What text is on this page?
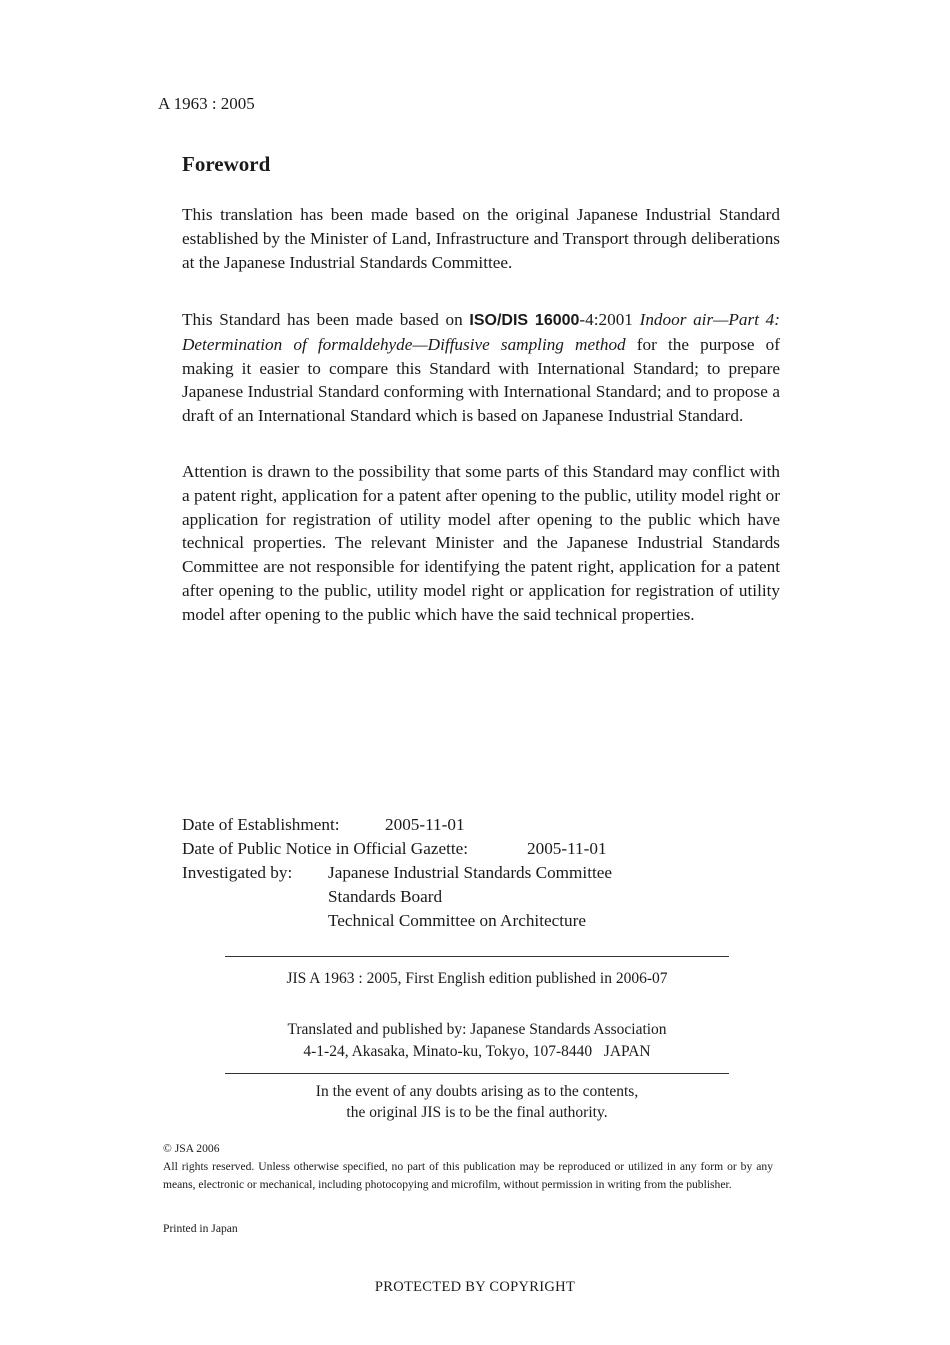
A 1963 : 2005
Foreword

This translation has been made based on the original Japanese Industrial Standard established by the Minister of Land, Infrastructure and Transport through deliberations at the Japanese Industrial Standards Committee.

This Standard has been made based on ISO/DIS 16000-4:2001 Indoor air—Part 4: Determination of formaldehyde—Diffusive sampling method for the purpose of making it easier to compare this Standard with International Standard; to prepare Japanese Industrial Standard conforming with International Standard; and to propose a draft of an International Standard which is based on Japanese Industrial Standard.

Attention is drawn to the possibility that some parts of this Standard may conflict with a patent right, application for a patent after opening to the public, utility model right or application for registration of utility model after opening to the public which have technical properties. The relevant Minister and the Japanese Industrial Standards Committee are not responsible for identifying the patent right, application for a patent after opening to the public, utility model right or application for registration of utility model after opening to the public which have the said technical properties.

Date of Establishment:	2005-11-01
Date of Public Notice in Official Gazette:	2005-11-01
Investigated by: Japanese Industrial Standards Committee
Standards Board
Technical Committee on Architecture

JIS A 1963 : 2005, First English edition published in 2006-07

Translated and published by: Japanese Standards Association

4-1-24, Akasaka, Minato-ku, Tokyo, 107-8440   JAPAN

In the event of any doubts arising as to the contents,

the original JIS is to be the final authority.

© JSA 2006

All rights reserved. Unless otherwise specified, no part of this publication may be reproduced or utilized in any form or by any means, electronic or mechanical, including photocopying and microfilm, without permission in writing from the publisher.

Printed in Japan

PROTECTED BY COPYRIGHT
